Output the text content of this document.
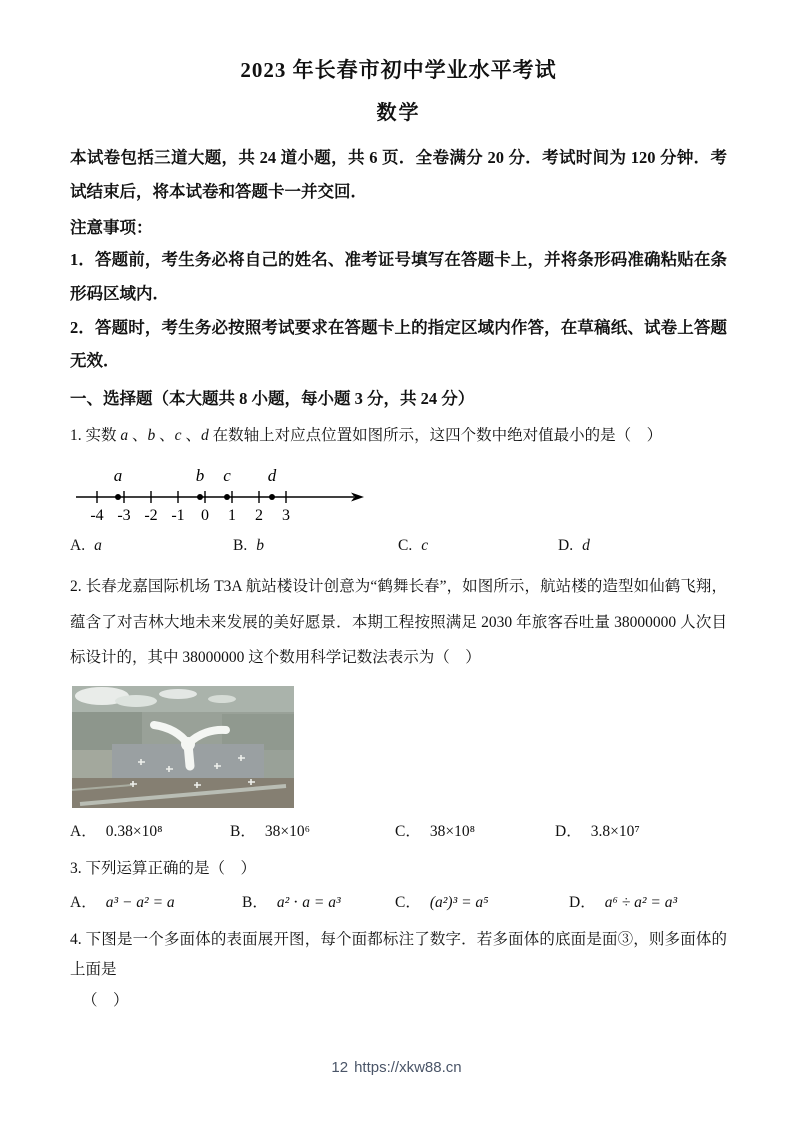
2023 年长春市初中学业水平考试
数学
本试卷包括三道大题，共 24 道小题，共 6 页．全卷满分 20 分．考试时间为 120 分钟．考试结束后，将本试卷和答题卡一并交回．
注意事项：
1．答题前，考生务必将自己的姓名、准考证号填写在答题卡上，并将条形码准确粘贴在条形码区域内．
2．答题时，考生务必按照考试要求在答题卡上的指定区域内作答，在草稿纸、试卷上答题无效．
一、选择题（本大题共 8 小题，每小题 3 分，共 24 分）
1. 实数 a 、b 、c 、d 在数轴上对应点位置如图所示，这四个数中绝对值最小的是（　）
-4 -3 -2 -1 0 1 2 3
a	b c d
A. a	B. b	C. c	D. d
2. 长春龙嘉国际机场 T3A 航站楼设计创意为“鹤舞长春”，如图所示，航站楼的造型如仙鹤飞翔，蕴含了对吉林大地未来发展的美好愿景．本期工程按照满足 2030 年旅客吞吐量 38000000 人次目标设计的，其中 38000000 这个数用科学记数法表示为（　）
A． 0.38×10⁸	B． 38×10⁶	C． 38×10⁸	D． 3.8×10⁷
3. 下列运算正确的是（　）
A． a³ − a² = a	B． a² ⋅ a = a³	C． (a²)³ = a⁵	D． a⁶ ÷ a² = a³
4. 下图是一个多面体的表面展开图，每个面都标注了数字．若多面体的底面是面③，则多面体的上面是
（　）
12 https://xkw88.cn
